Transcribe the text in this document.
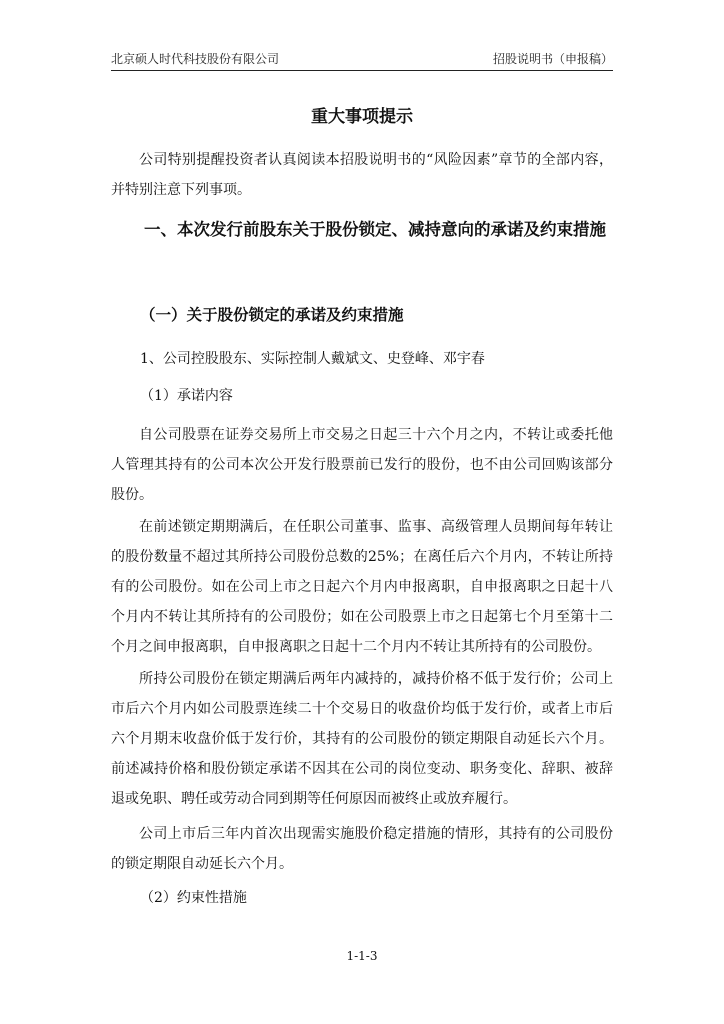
北京硕人时代科技股份有限公司	招股说明书（申报稿）
重大事项提示

公司特别提醒投资者认真阅读本招股说明书的“风险因素”章节的全部内容，并特别注意下列事项。

一、本次发行前股东关于股份锁定、减持意向的承诺及约束措施

（一）关于股份锁定的承诺及约束措施

1、公司控股股东、实际控制人戴斌文、史登峰、邓宇春

（1）承诺内容

自公司股票在证券交易所上市交易之日起三十六个月之内，不转让或委托他人管理其持有的公司本次公开发行股票前已发行的股份，也不由公司回购该部分股份。

在前述锁定期期满后，在任职公司董事、监事、高级管理人员期间每年转让的股份数量不超过其所持公司股份总数的25%；在离任后六个月内，不转让所持有的公司股份。如在公司上市之日起六个月内申报离职，自申报离职之日起十八个月内不转让其所持有的公司股份；如在公司股票上市之日起第七个月至第十二个月之间申报离职，自申报离职之日起十二个月内不转让其所持有的公司股份。

所持公司股份在锁定期满后两年内减持的，减持价格不低于发行价；公司上市后六个月内如公司股票连续二十个交易日的收盘价均低于发行价，或者上市后六个月期末收盘价低于发行价，其持有的公司股份的锁定期限自动延长六个月。前述减持价格和股份锁定承诺不因其在公司的岗位变动、职务变化、辞职、被辞退或免职、聘任或劳动合同到期等任何原因而被终止或放弃履行。

公司上市后三年内首次出现需实施股价稳定措施的情形，其持有的公司股份的锁定期限自动延长六个月。

（2）约束性措施

1-1-3
